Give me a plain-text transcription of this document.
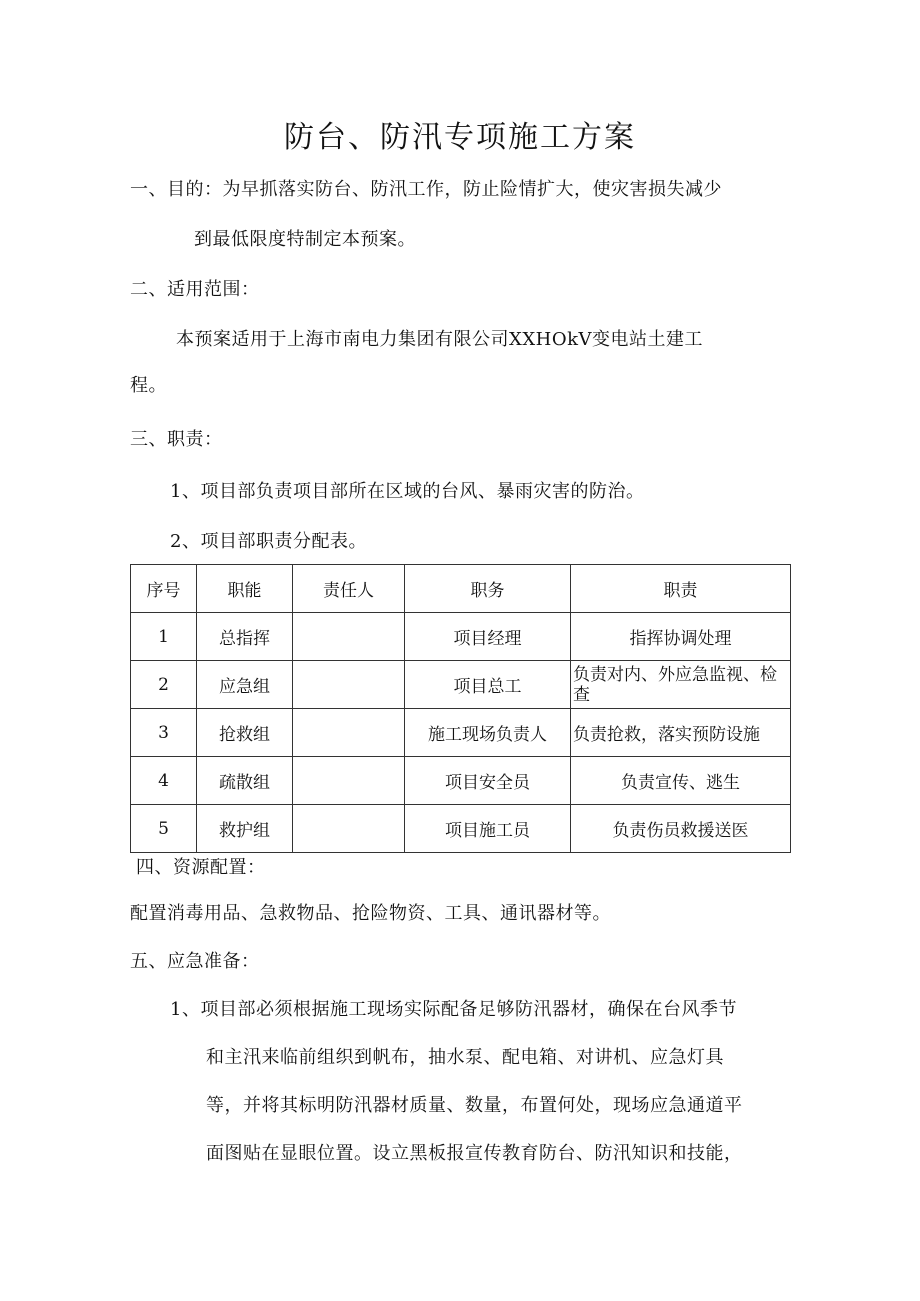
防台、防汛专项施工方案
一、目的：为早抓落实防台、防汛工作，防止险情扩大，使灾害损失减少
到最低限度特制定本预案。
二、适用范围：
本预案适用于上海市南电力集团有限公司XXHOkV变电站土建工
程。
三、职责：
1、项目部负责项目部所在区域的台风、暴雨灾害的防治。
2、项目部职责分配表。
序号	职能	责任人	职务	职责
1	总指挥		项目经理	指挥协调处理
2	应急组		项目总工	负责对内、外应急监视、检查
3	抢救组		施工现场负责人	负责抢救，落实预防设施
4	疏散组		项目安全员	负责宣传、逃生
5	救护组		项目施工员	负责伤员救援送医
四、资源配置：
配置消毒用品、急救物品、抢险物资、工具、通讯器材等。
五、应急准备：
1、项目部必须根据施工现场实际配备足够防汛器材，确保在台风季节
和主汛来临前组织到帆布，抽水泵、配电箱、对讲机、应急灯具
等，并将其标明防汛器材质量、数量，布置何处，现场应急通道平
面图贴在显眼位置。设立黑板报宣传教育防台、防汛知识和技能，
